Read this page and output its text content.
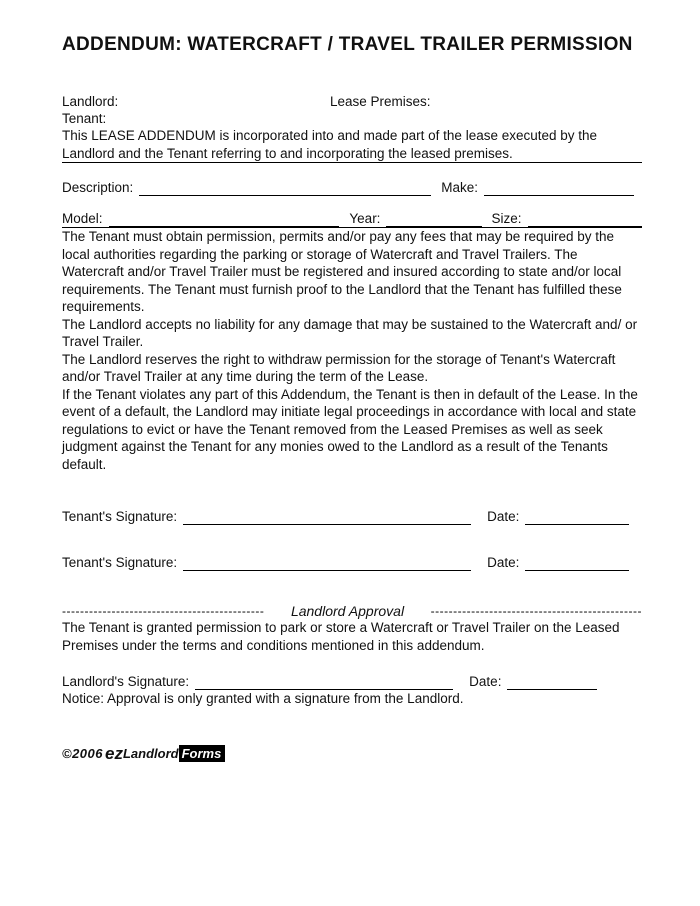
ADDENDUM: WATERCRAFT / TRAVEL TRAILER PERMISSION
Landlord:	Lease Premises:
Tenant:

This LEASE ADDENDUM is incorporated into and made part of the lease executed by the Landlord and the Tenant referring to and incorporating the leased premises.

Description:	Make:
Model:	Year:	Size:

The Tenant must obtain permission, permits and/or pay any fees that may be required by the local authorities regarding the parking or storage of Watercraft and Travel Trailers. The Watercraft and/or Travel Trailer must be registered and insured according to state and/or local requirements. The Tenant must furnish proof to the Landlord that the Tenant has fulfilled these requirements.

The Landlord accepts no liability for any damage that may be sustained to the Watercraft and/ or Travel Trailer.

The Landlord reserves the right to withdraw permission for the storage of Tenant's Watercraft and/or Travel Trailer at any time during the term of the Lease.

If the Tenant violates any part of this Addendum, the Tenant is then in default of the Lease. In the event of a default, the Landlord may initiate legal proceedings in accordance with local and state regulations to evict or have the Tenant removed from the Leased Premises as well as seek judgment against the Tenant for any monies owed to the Landlord as a result of the Tenants default.

Tenant's Signature:	Date:
Tenant's Signature:	Date:
---------------------------------------------	Landlord Approval	-----------------------------------------------

The Tenant is granted permission to park or store a Watercraft or Travel Trailer on the Leased Premises under the terms and conditions mentioned in this addendum.

Landlord's Signature:	Date:

Notice: Approval is only granted with a signature from the Landlord.

©2006 ez Landlord Forms
